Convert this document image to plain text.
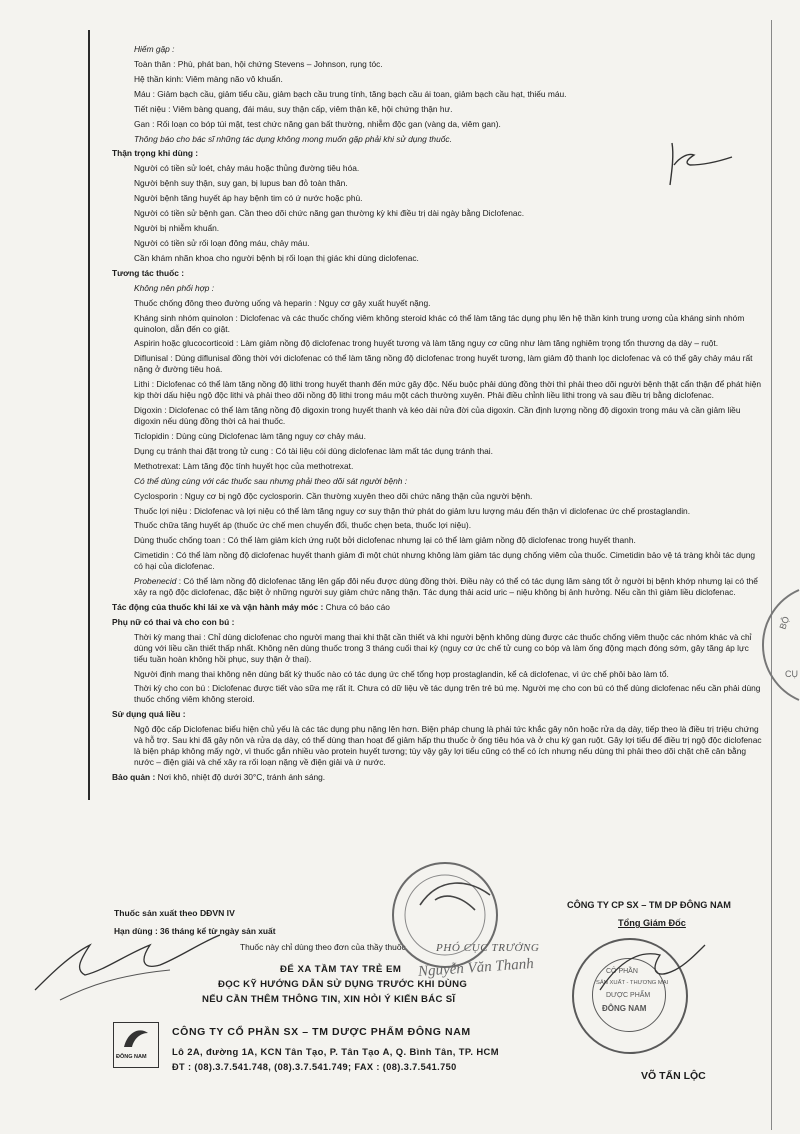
BỘ
CỤ
Hiếm gặp :
Toàn thân : Phù, phát ban, hội chứng Stevens – Johnson, rụng tóc.
Hệ thần kinh: Viêm màng não vô khuẩn.
Máu : Giảm bạch cầu, giảm tiểu cầu, giảm bạch cầu trung tính, tăng bạch cầu ái toan, giảm bạch cầu hạt, thiếu máu.
Tiết niệu : Viêm bàng quang, đái máu, suy thận cấp, viêm thận kẽ, hội chứng thận hư.
Gan : Rối loạn co bóp túi mật, test chức năng gan bất thường, nhiễm độc gan (vàng da, viêm gan).
Thông báo cho bác sĩ những tác dụng không mong muốn gặp phải khi sử dụng thuốc.
Thận trọng khi dùng :
Người có tiền sử loét, chảy máu hoặc thủng đường tiêu hóa.
Người bệnh suy thận, suy gan, bị lupus ban đỏ toàn thân.
Người bệnh tăng huyết áp hay bệnh tim có ứ nước hoặc phù.
Người có tiền sử bệnh gan. Cần theo dõi chức năng gan thường kỳ khi điều trị dài ngày bằng Diclofenac.
Người bị nhiễm khuẩn.
Người có tiền sử rối loạn đông máu, chảy máu.
Cần khám nhãn khoa cho người bệnh bị rối loạn thị giác khi dùng diclofenac.
Tương tác thuốc :
Không nên phối hợp :
Thuốc chống đông theo đường uống và heparin : Nguy cơ gây xuất huyết nặng.
Kháng sinh nhóm quinolon : Diclofenac và các thuốc chống viêm không steroid khác có thể làm tăng tác dụng phụ lên hệ thần kinh trung ương của kháng sinh nhóm quinolon, dẫn đến co giật.
Aspirin hoặc glucocorticoid : Làm giảm nồng độ diclofenac trong huyết tương và làm tăng nguy cơ cũng như làm tăng nghiêm trọng tổn thương dạ dày – ruột.
Diflunisal : Dùng diflunisal đồng thời với diclofenac có thể làm tăng nồng độ diclofenac trong huyết tương, làm giảm độ thanh lọc diclofenac và có thể gây chảy máu rất nặng ở đường tiêu hoá.
Lithi : Diclofenac có thể làm tăng nồng độ lithi trong huyết thanh đến mức gây độc. Nếu buộc phải dùng đồng thời thì phải theo dõi người bệnh thật cẩn thận để phát hiện kịp thời dấu hiệu ngộ độc lithi và phải theo dõi nồng độ lithi trong máu một cách thường xuyên. Phải điều chỉnh liều lithi trong và sau điều trị bằng diclofenac.
Digoxin : Diclofenac có thể làm tăng nồng độ digoxin trong huyết thanh và kéo dài nửa đời của digoxin. Cần định lượng nồng độ digoxin trong máu và cần giảm liều digoxin nếu dùng đồng thời cả hai thuốc.
Ticlopidin : Dùng cùng Diclofenac làm tăng nguy cơ chảy máu.
Dụng cụ tránh thai đặt trong tử cung : Có tài liệu cói dùng diclofenac làm mất tác dụng tránh thai.
Methotrexat: Làm tăng độc tính huyết học của methotrexat.
Có thể dùng cùng với các thuốc sau nhưng phải theo dõi sát người bệnh :
Cyclosporin : Nguy cơ bị ngộ độc cyclosporin. Cần thường xuyên theo dõi chức năng thận của người bệnh.
Thuốc lợi niệu : Diclofenac và lợi niệu có thể làm tăng nguy cơ suy thận thứ phát do giảm lưu lượng máu đến thận vì diclofenac ức chế prostaglandin.
Thuốc chữa tăng huyết áp (thuốc ức chế men chuyển đổi, thuốc chẹn beta, thuốc lợi niệu).
Dùng thuốc chống toan : Có thể làm giảm kích ứng ruột bởi diclofenac nhưng lại có thể làm giảm nồng độ diclofenac trong huyết thanh.
Cimetidin : Có thể làm nồng độ diclofenac huyết thanh giảm đi một chút nhưng không làm giảm tác dụng chống viêm của thuốc. Cimetidin bảo vệ tá tràng khỏi tác dụng có hại của diclofenac.
Probenecid : Có thể làm nồng độ diclofenac tăng lên gấp đôi nếu được dùng đồng thời. Điều này có thể có tác dụng lâm sàng tốt ở người bị bệnh khớp nhưng lại có thể xảy ra ngộ độc diclofenac, đặc biệt ở những người suy giảm chức năng thận. Tác dụng thải acid uric – niệu không bị ảnh hưởng. Nếu cần thì giảm liều diclofenac.
Tác động của thuốc khi lái xe và vận hành máy móc : Chưa có báo cáo
Phụ nữ có thai và cho con bú :
Thời kỳ mang thai : Chỉ dùng diclofenac cho người mang thai khi thật cần thiết và khi người bệnh không dùng được các thuốc chống viêm thuộc các nhóm khác và chỉ dùng với liều cần thiết thấp nhất. Không nên dùng thuốc trong 3 tháng cuối thai kỳ (nguy cơ ức chế tử cung co bóp và làm ống động mạch đóng sớm, gây tăng áp lực tiểu tuần hoàn không hồi phục, suy thận ở thai).
Người định mang thai không nên dùng bất kỳ thuốc nào có tác dụng ức chế tổng hợp prostaglandin, kể cả diclofenac, vì ức chế phôi bào làm tổ.
Thời kỳ cho con bú : Diclofenac được tiết vào sữa mẹ rất ít. Chưa có dữ liệu về tác dụng trên trẻ bú mẹ. Người mẹ cho con bú có thể dùng diclofenac nếu cần phải dùng thuốc chống viêm không steroid.
Sử dụng quá liều :
Ngộ độc cấp Diclofenac biểu hiện chủ yếu là các tác dụng phụ nặng lên hơn. Biện pháp chung là phải tức khắc gây nôn hoặc rửa dạ dày, tiếp theo là điều trị triệu chứng và hỗ trợ. Sau khi đã gây nôn và rửa dạ dày, có thể dùng than hoạt để giảm hấp thu thuốc ở ống tiêu hóa và ở chu kỳ gan ruột. Gây lợi tiểu để điều trị ngộ độc diclofenac là biện pháp không mấy ngờ, vì thuốc gắn nhiều vào protein huyết tương; tùy vậy gây lợi tiểu cũng có thể có ích nhưng nếu dùng thì phải theo dõi chặt chẽ cân bằng nước – điện giải và chế xây ra rối loạn nặng về điện giải và ứ nước.
Bảo quản : Nơi khô, nhiệt độ dưới 30°C, tránh ánh sáng.
Thuốc sản xuất theo DĐVN IV
Hạn dùng : 36 tháng kể từ ngày sản xuất
Thuốc này chỉ dùng theo đơn của thầy thuốc
ĐỂ XA TẦM TAY TRẺ EM
ĐỌC KỸ HƯỚNG DẪN SỬ DỤNG TRƯỚC KHI DÙNG
NẾU CẦN THÊM THÔNG TIN, XIN HỎI Ý KIẾN BÁC SĨ
ĐÔNG NAM
CÔNG TY CỔ PHẦN SX – TM DƯỢC PHẨM ĐÔNG NAM
Lô 2A, đường 1A, KCN Tân Tạo, P. Tân Tạo A, Q. Bình Tân, TP. HCM
ĐT : (08).3.7.541.748, (08).3.7.541.749; FAX : (08).3.7.541.750
CÔNG TY CP SX – TM DP ĐÔNG NAM
Tổng Giám Đốc
VÕ TẤN LỘC
PHÓ CỤC TRƯỞNG
Nguyễn Văn Thanh	CÔ PHẦN
SẢN XUẤT - THƯƠNG MẠI
DƯỢC PHẨM
ĐÔNG NAM
